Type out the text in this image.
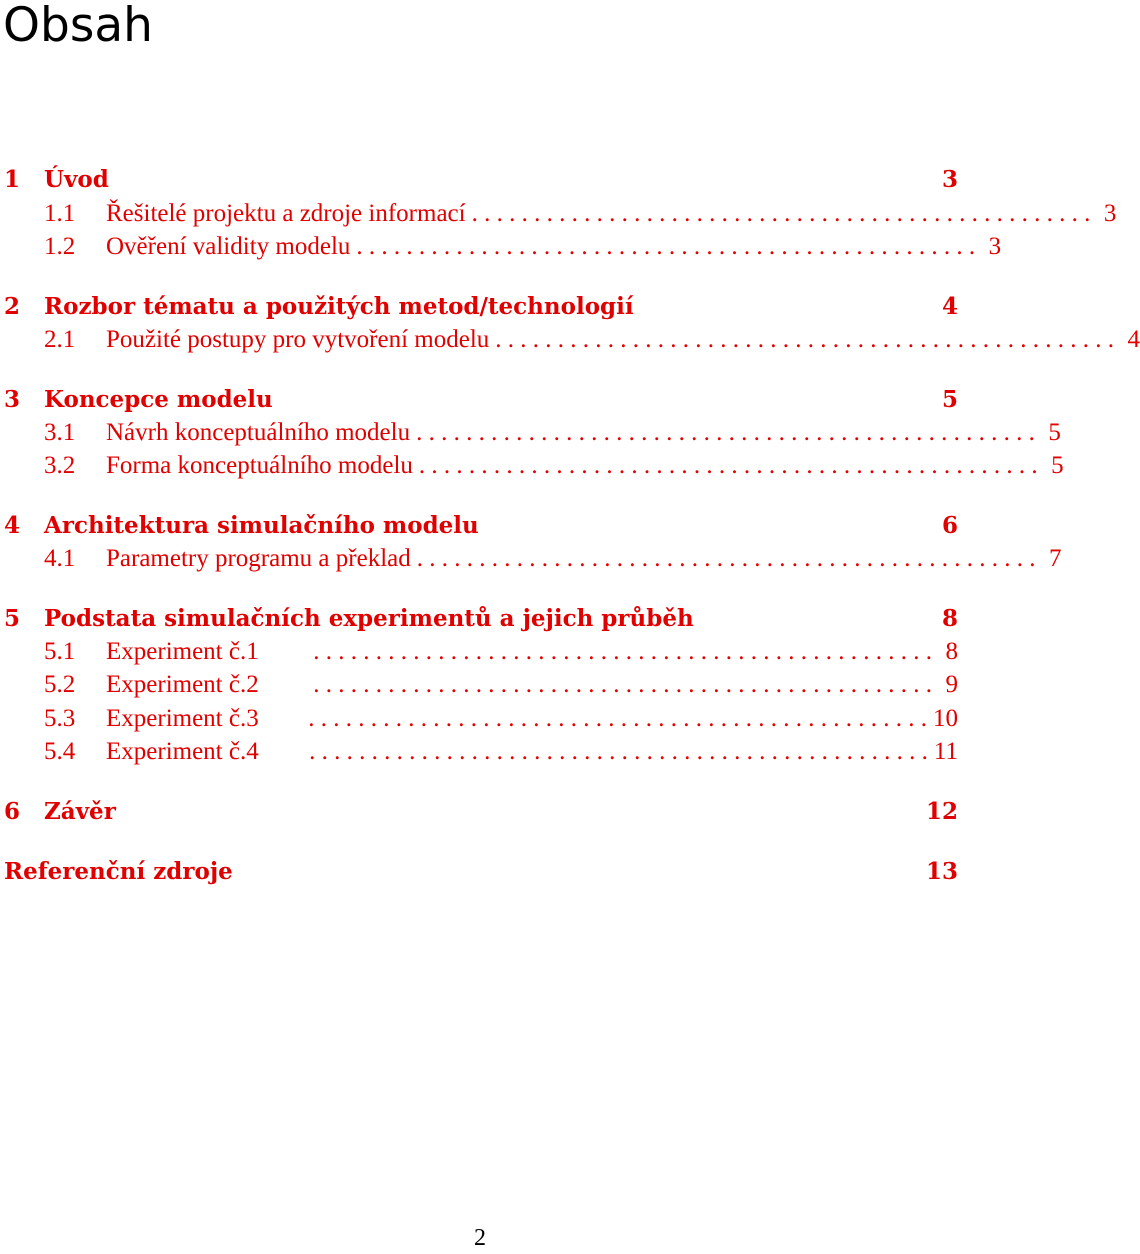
Obsah
1	Úvod	3
1.1	Řešitelé projektu a zdroje informací . . . . . . . . . . . . . . . . . . . . . . . . . . . . . . . . . . . . . . . . . . . . . . . . . . 3
1.2	Ověření validity modelu . . . . . . . . . . . . . . . . . . . . . . . . . . . . . . . . . . . . . . . . . . . . . . . . . . 3
2	Rozbor tématu a použitých metod/technologií	4
2.1	Použité postupy pro vytvoření modelu . . . . . . . . . . . . . . . . . . . . . . . . . . . . . . . . . . . . . . . . . . . . . . . . . . 4
3	Koncepce modelu	5
3.1	Návrh konceptuálního modelu . . . . . . . . . . . . . . . . . . . . . . . . . . . . . . . . . . . . . . . . . . . . . . . . . . 5
3.2	Forma konceptuálního modelu . . . . . . . . . . . . . . . . . . . . . . . . . . . . . . . . . . . . . . . . . . . . . . . . . . 5
4	Architektura simulačního modelu	6
4.1	Parametry programu a překlad . . . . . . . . . . . . . . . . . . . . . . . . . . . . . . . . . . . . . . . . . . . . . . . . . . 7
5	Podstata simulačních experimentů a jejich průběh	8
5.1	Experiment č.1	. . . . . . . . . . . . . . . . . . . . . . . . . . . . . . . . . . . . . . . . . . . . . . . . . . 8
5.2	Experiment č.2	. . . . . . . . . . . . . . . . . . . . . . . . . . . . . . . . . . . . . . . . . . . . . . . . . . 9
5.3	Experiment č.3	. . . . . . . . . . . . . . . . . . . . . . . . . . . . . . . . . . . . . . . . . . . . . . . . . . 10
5.4	Experiment č.4	. . . . . . . . . . . . . . . . . . . . . . . . . . . . . . . . . . . . . . . . . . . . . . . . . . 11
6	Závěr	12
Referenční zdroje	13
2
